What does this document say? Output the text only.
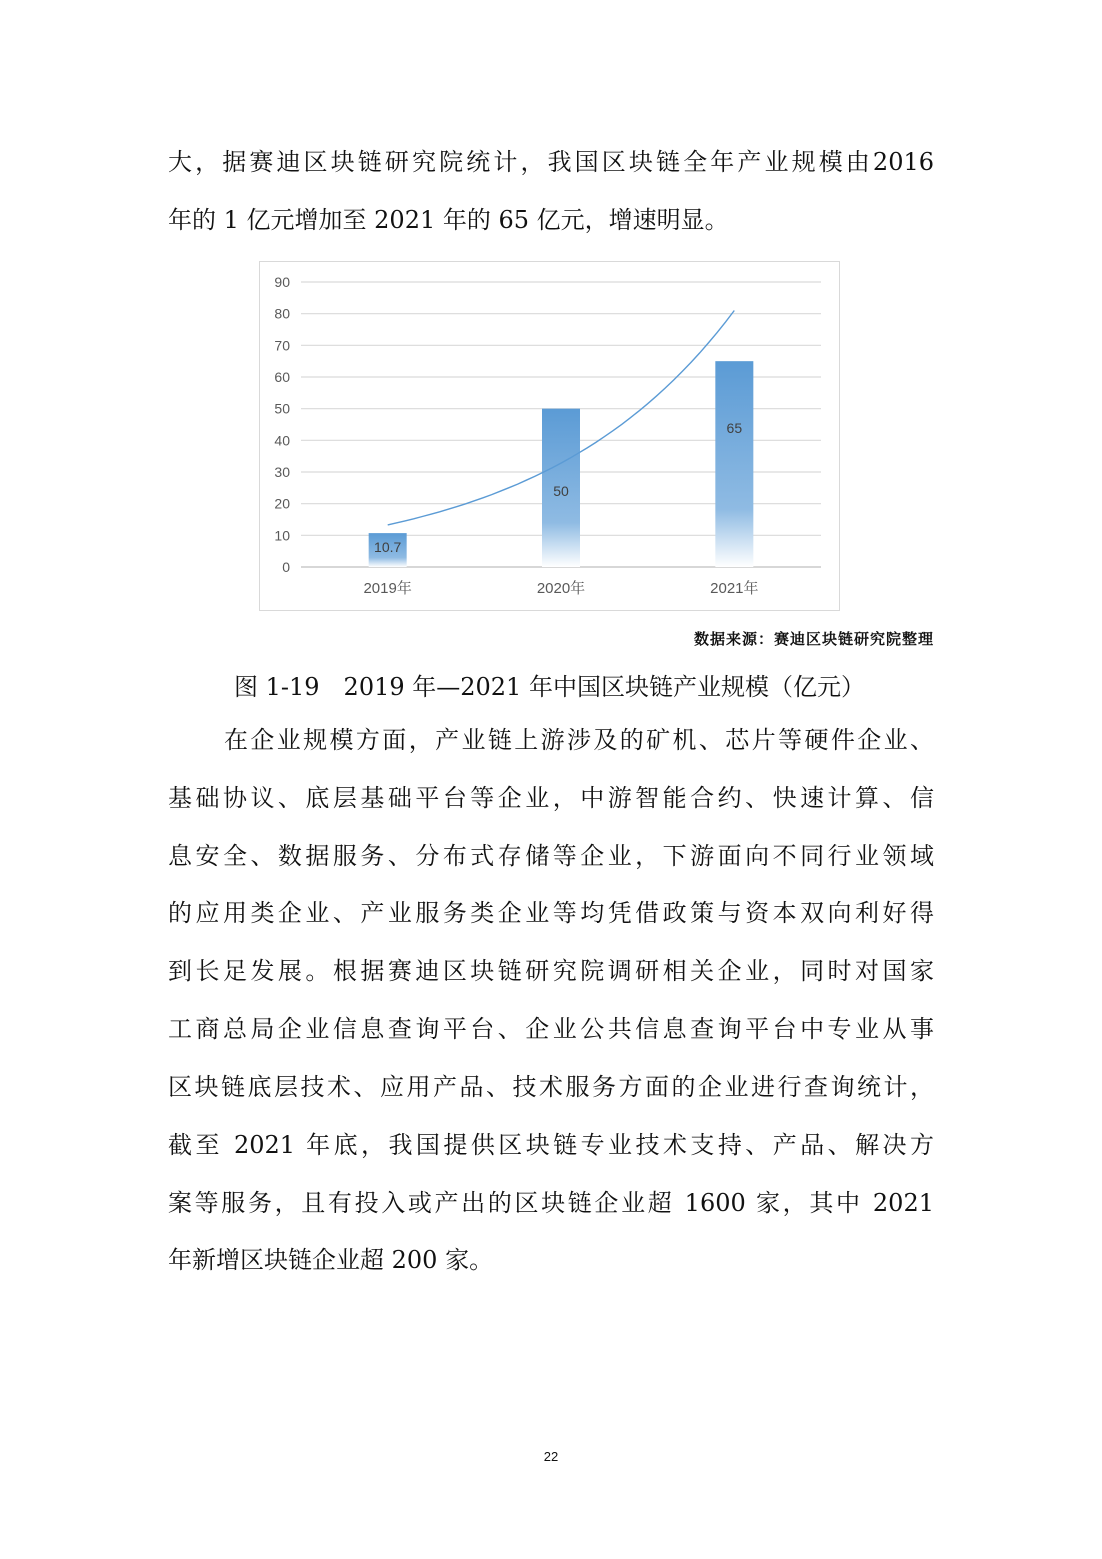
大，据赛迪区块链研究院统计，我国区块链全年产业规模由2016
年的 1 亿元增加至 2021 年的 65 亿元，增速明显。
0
10
20
30
40
50
60
70
80
90
10.7
2019年
50
2020年
65
2021年
数据来源：赛迪区块链研究院整理
图 1-19　2019 年—2021 年中国区块链产业规模（亿元）
在企业规模方面，产业链上游涉及的矿机、芯片等硬件企业、
基础协议、底层基础平台等企业，中游智能合约、快速计算、信
息安全、数据服务、分布式存储等企业，下游面向不同行业领域
的应用类企业、产业服务类企业等均凭借政策与资本双向利好得
到长足发展。根据赛迪区块链研究院调研相关企业，同时对国家
工商总局企业信息查询平台、企业公共信息查询平台中专业从事
区块链底层技术、应用产品、技术服务方面的企业进行查询统计，
截至 2021 年底，我国提供区块链专业技术支持、产品、解决方
案等服务，且有投入或产出的区块链企业超 1600 家，其中 2021
年新增区块链企业超 200 家。
22
